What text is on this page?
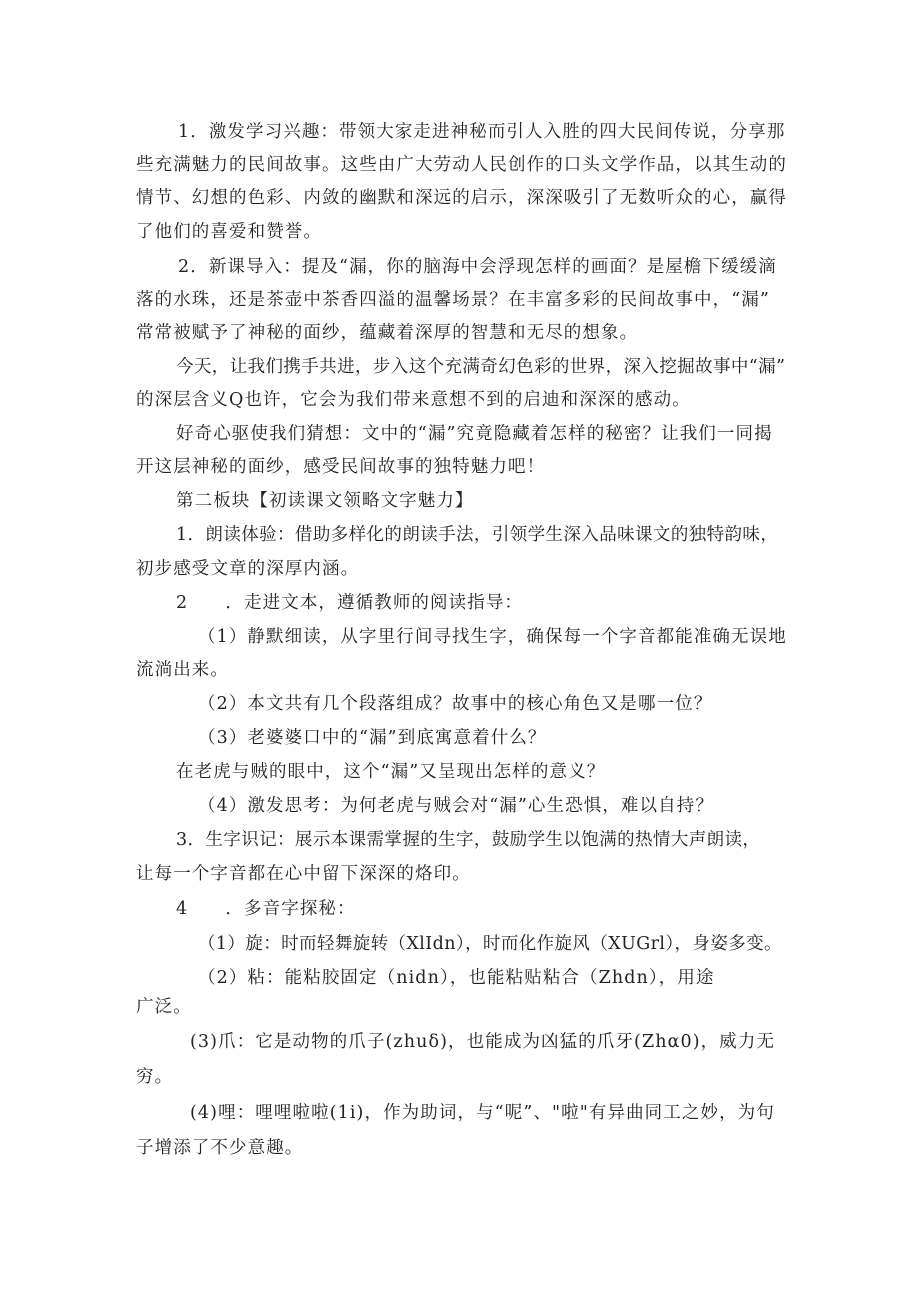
1．激发学习兴趣：带领大家走进神秘而引人入胜的四大民间传说，分享那
些充满魅力的民间故事。这些由广大劳动人民创作的口头文学作品，以其生动的
情节、幻想的色彩、内敛的幽默和深远的启示，深深吸引了无数听众的心，赢得
了他们的喜爱和赞誉。
2．新课导入：提及“漏，你的脑海中会浮现怎样的画面？是屋檐下缓缓滴
落的水珠，还是茶壶中茶香四溢的温馨场景？在丰富多彩的民间故事中，“漏”
常常被赋予了神秘的面纱，蕴藏着深厚的智慧和无尽的想象。
今天，让我们携手共进，步入这个充满奇幻色彩的世界，深入挖掘故事中“漏”
的深层含义Q也许，它会为我们带来意想不到的启迪和深深的感动。
好奇心驱使我们猜想：文中的“漏”究竟隐藏着怎样的秘密？让我们一同揭
开这层神秘的面纱，感受民间故事的独特魅力吧！
第二板块【初读课文领略文字魅力】
1．朗读体验：借助多样化的朗读手法，引领学生深入品味课文的独特韵味，
初步感受文章的深厚内涵。
2　　．走进文本，遵循教师的阅读指导：
（1）静默细读，从字里行间寻找生字，确保每一个字音都能准确无误地
流淌出来。
（2）本文共有几个段落组成？故事中的核心角色又是哪一位？
（3）老婆婆口中的“漏”到底寓意着什么？
在老虎与贼的眼中，这个“漏”又呈现出怎样的意义？
（4）激发思考：为何老虎与贼会对“漏”心生恐惧，难以自持？
3．生字识记：展示本课需掌握的生字，鼓励学生以饱满的热情大声朗读，
让每一个字音都在心中留下深深的烙印。
4　　．多音字探秘：
（1）旋：时而轻舞旋转（XlIdn），时而化作旋风（XUGrl），身姿多变。
（2）粘：能粘胶固定（nidn），也能粘贴粘合（Zhdn），用途
广泛。
(3)爪：它是动物的爪子(zhuδ)，也能成为凶猛的爪牙(Zhα0)，威力无
穷。
(4)哩：哩哩啦啦(1i)，作为助词，与“呢”、"啦"有异曲同工之妙，为句
子增添了不少意趣。
